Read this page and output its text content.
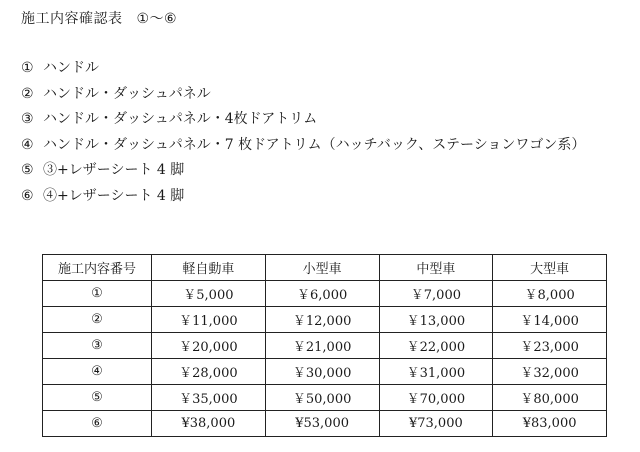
施工内容確認表 ①〜⑥
① ハンドル
② ハンドル・ダッシュパネル
③ ハンドル・ダッシュパネル・4枚ドアトリム
④ ハンドル・ダッシュパネル・7 枚ドアトリム（ハッチバック、ステーションワゴン系）
⑤ ③+レザーシート 4 脚
⑥ ④+レザーシート 4 脚
施工内容番号	軽自動車	小型車	中型車	大型車
①	￥5,000	￥6,000	￥7,000	￥8,000
②	￥11,000	￥12,000	￥13,000	￥14,000
③	￥20,000	￥21,000	￥22,000	￥23,000
④	￥28,000	￥30,000	￥31,000	￥32,000
⑤	￥35,000	￥50,000	￥70,000	￥80,000
⑥	¥38,000	¥53,000	¥73,000	¥83,000
